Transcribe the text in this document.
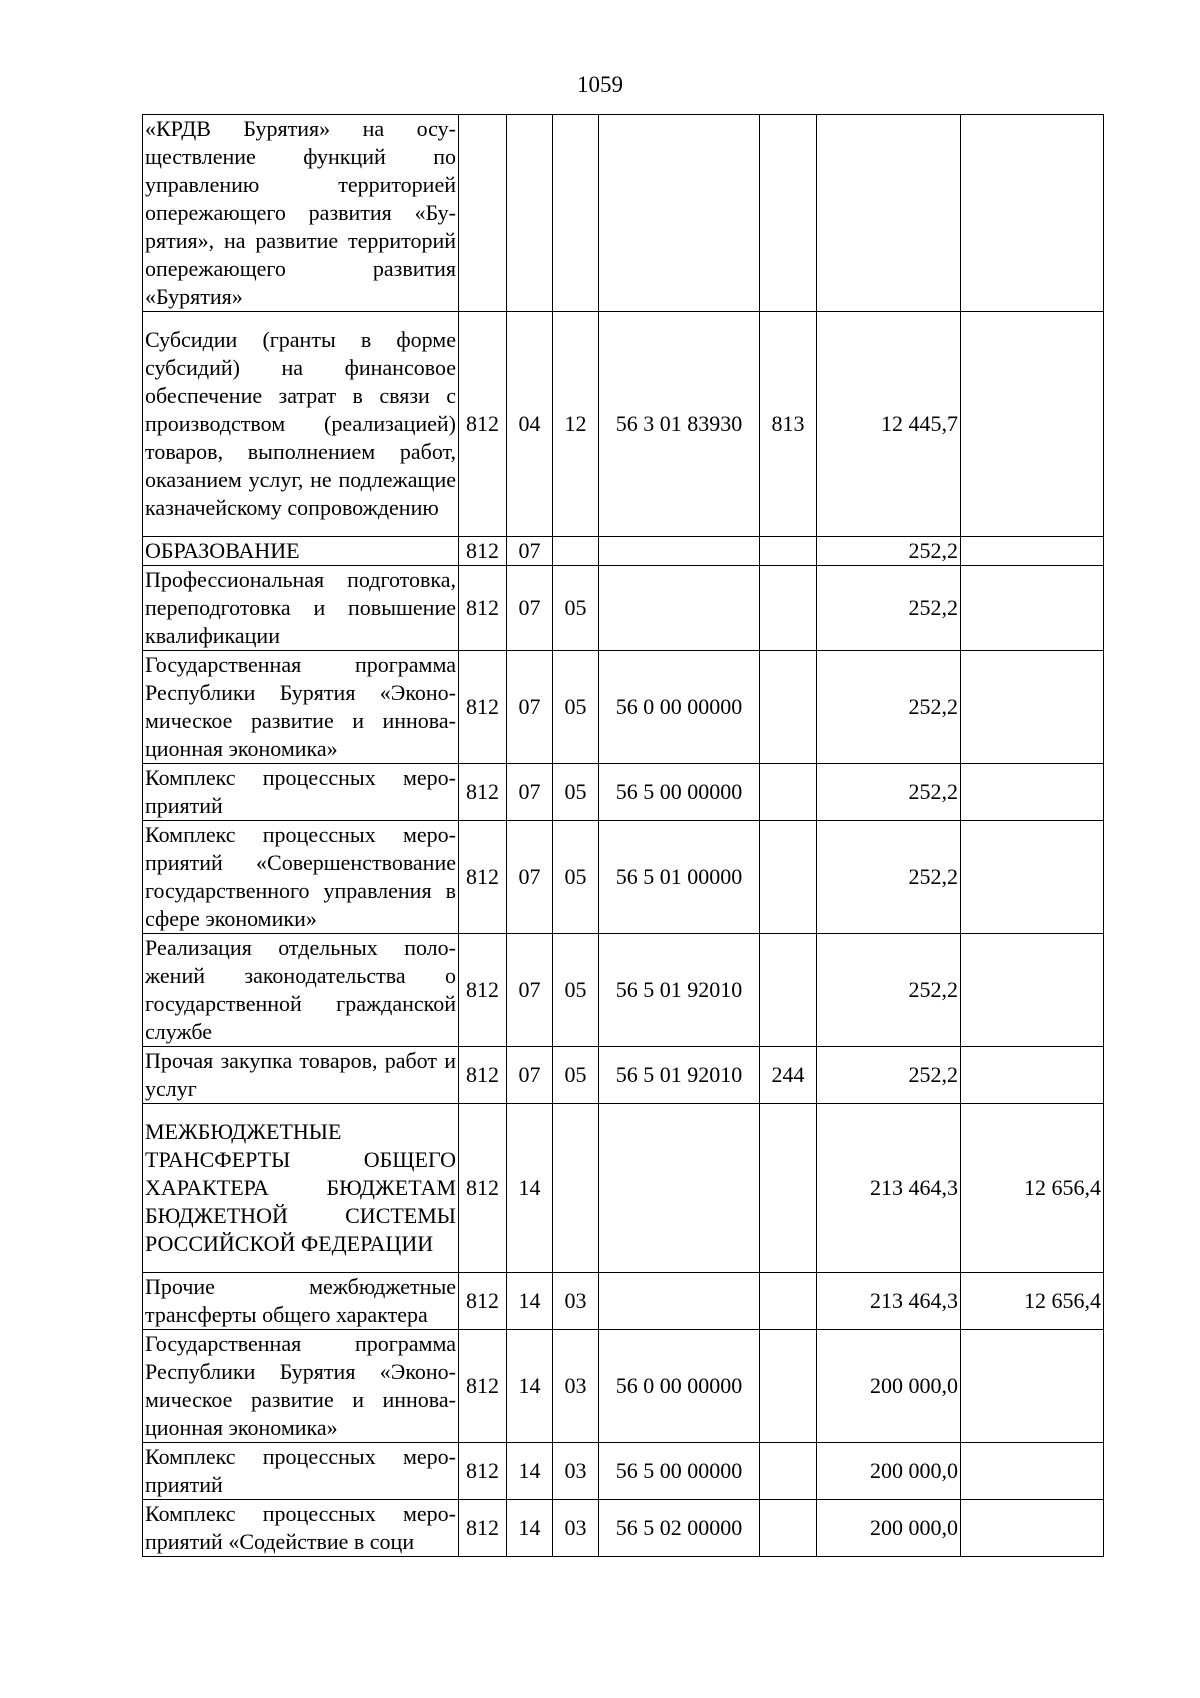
1059
«КРДВ Бурятия» на осуществление функций по управлению территорией опережающего развития «Бурятия», на развитие территорий опережающего развития «Бурятия»							
Субсидии (гранты в форме субсидий) на финансовое обеспечение затрат в связи с производством (реализацией) товаров, выполнением работ, оказанием услуг, не подлежащие казначейскому сопровождению	812	04	12	56 3 01 83930	813	12 445,7	
ОБРАЗОВАНИЕ	812	07				252,2	
Профессиональная подготовка, переподготовка и повышение квалификации	812	07	05			252,2	
Государственная программа Республики Бурятия «Экономическое развитие и инновационная экономика»	812	07	05	56 0 00 00000		252,2	
Комплекс процессных мероприятий	812	07	05	56 5 00 00000		252,2	
Комплекс процессных мероприятий «Совершенствование государственного управления в сфере экономики»	812	07	05	56 5 01 00000		252,2	
Реализация отдельных положений законодательства о государственной гражданской службе	812	07	05	56 5 01 92010		252,2	
Прочая закупка товаров, работ и услуг	812	07	05	56 5 01 92010	244	252,2	
МЕЖБЮДЖЕТНЫЕ ТРАНСФЕРТЫ ОБЩЕГО ХАРАКТЕРА БЮДЖЕТАМ БЮДЖЕТНОЙ СИСТЕМЫ РОССИЙСКОЙ ФЕДЕРАЦИИ	812	14				213 464,3	12 656,4
Прочие межбюджетные трансферты общего характера	812	14	03			213 464,3	12 656,4
Государственная программа Республики Бурятия «Экономическое развитие и инновационная экономика»	812	14	03	56 0 00 00000		200 000,0	
Комплекс процессных мероприятий	812	14	03	56 5 00 00000		200 000,0	
Комплекс процессных мероприятий «Содействие в соци	812	14	03	56 5 02 00000		200 000,0	
